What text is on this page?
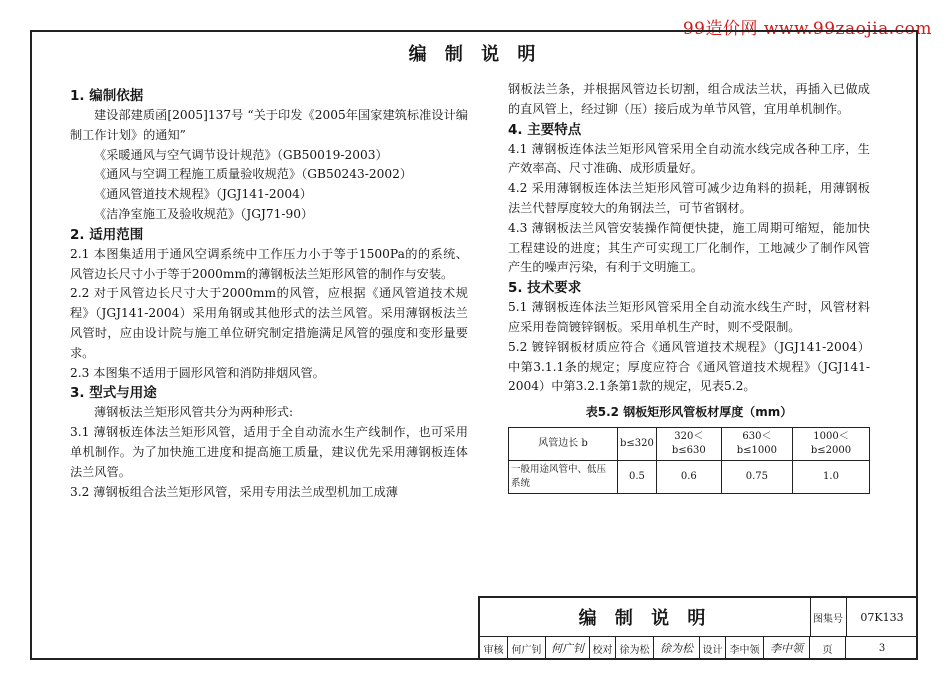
99造价网 www.99zaojia.com
编 制 说 明
1. 编制依据

建设部建质函[2005]137号 “关于印发《2005年国家建筑标准设计编制工作计划》的通知”

《采暖通风与空气调节设计规范》（GB50019-2003）

《通风与空调工程施工质量验收规范》（GB50243-2002）

《通风管道技术规程》（JGJ141-2004）

《洁净室施工及验收规范》（JGJ71-90）

2. 适用范围

2.1 本图集适用于通风空调系统中工作压力小于等于1500Pa的的系统、风管边长尺寸小于等于2000mm的薄钢板法兰矩形风管的制作与安装。

2.2 对于风管边长尺寸大于2000mm的风管，应根据《通风管道技术规程》（JGJ141-2004）采用角钢或其他形式的法兰风管。采用薄钢板法兰风管时，应由设计院与施工单位研究制定措施满足风管的强度和变形量要求。

2.3 本图集不适用于圆形风管和消防排烟风管。

3. 型式与用途

薄钢板法兰矩形风管共分为两种形式:

3.1 薄钢板连体法兰矩形风管，适用于全自动流水生产线制作，也可采用单机制作。为了加快施工进度和提高施工质量，建议优先采用薄钢板连体法兰风管。

3.2 薄钢板组合法兰矩形风管，采用专用法兰成型机加工成薄

钢板法兰条，并根据风管边长切割，组合成法兰状，再插入已做成的直风管上，经过铆（压）接后成为单节风管，宜用单机制作。

4. 主要特点

4.1 薄钢板连体法兰矩形风管采用全自动流水线完成各种工序，生产效率高、尺寸准确、成形质量好。

4.2 采用薄钢板连体法兰矩形风管可减少边角料的损耗，用薄钢板法兰代替厚度较大的角钢法兰，可节省钢材。

4.3 薄钢板法兰风管安装操作简便快捷，施工周期可缩短，能加快工程建设的进度；其生产可实现工厂化制作，工地减少了制作风管产生的噪声污染，有利于文明施工。

5. 技术要求

5.1 薄钢板连体法兰矩形风管采用全自动流水线生产时，风管材料应采用卷筒镀锌钢板。采用单机生产时，则不受限制。

5.2 镀锌钢板材质应符合《通风管道技术规程》（JGJ141-2004）中第3.1.1条的规定；厚度应符合《通风管道技术规程》（JGJ141-2004）中第3.2.1条第1款的规定，见表5.2。

表5.2 钢板矩形风管板材厚度（mm）
风管边长 b	b≤320	320＜b≤630	630＜b≤1000	1000＜b≤2000
一般用途风管中、低压系统	0.5	0.6	0.75	1.0
编 制 说 明	图集号	07K133
审核 何广钊 何广钊 校对 徐为松 徐为松 设计 李中领 李中领	页	3
